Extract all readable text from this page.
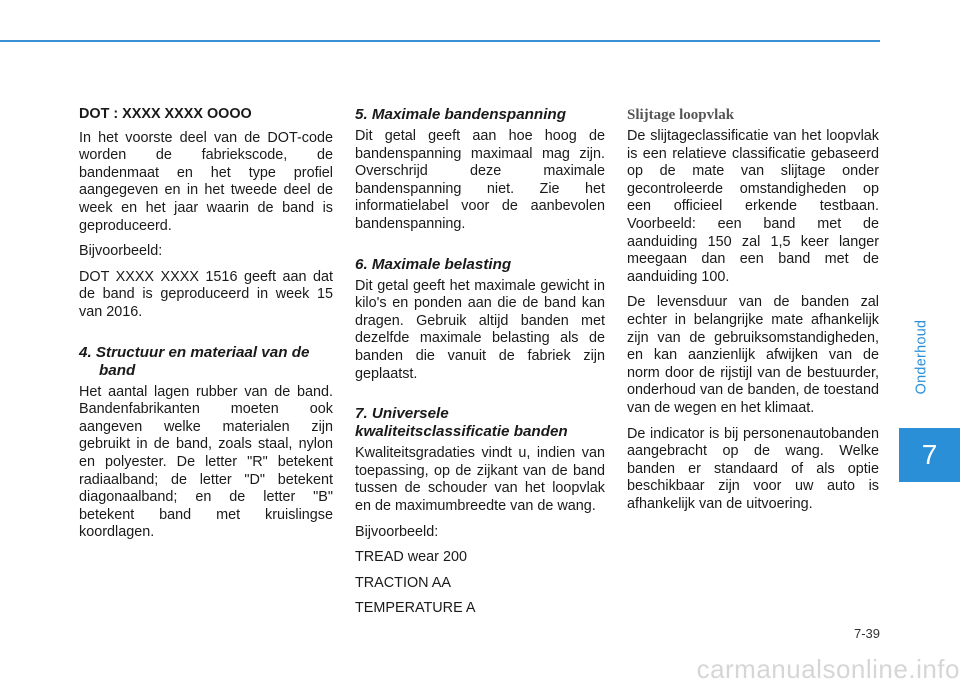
DOT : XXXX XXXX OOOO

In het voorste deel van de DOT-code worden de fabriekscode, de bandenmaat en het type profiel aangegeven en in het tweede deel de week en het jaar waarin de band is geproduceerd.

Bijvoorbeeld:

DOT XXXX XXXX 1516 geeft aan dat de band is geproduceerd in week 15 van 2016.

4. Structuur en materiaal van de band

Het aantal lagen rubber van de band. Bandenfabrikanten moeten ook aangeven welke materialen zijn gebruikt in de band, zoals staal, nylon en polyester. De letter "R" betekent radiaalband; de letter "D" betekent diagonaalband; en de letter "B" betekent band met kruislingse koordlagen.

5. Maximale bandenspanning

Dit getal geeft aan hoe hoog de bandenspanning maximaal mag zijn. Overschrijd deze maximale bandenspanning niet. Zie het informatielabel voor de aanbevolen bandenspanning.

6. Maximale belasting

Dit getal geeft het maximale gewicht in kilo's en ponden aan die de band kan dragen. Gebruik altijd banden met dezelfde maximale belasting als de banden die vanuit de fabriek zijn geplaatst.

7. Universele
kwaliteitsclassificatie banden

Kwaliteitsgradaties vindt u, indien van toepassing, op de zijkant van de band tussen de schouder van het loopvlak en de maximumbreedte van de wang.

Bijvoorbeeld:

TREAD wear 200

TRACTION AA

TEMPERATURE A

Slijtage loopvlak

De slijtageclassificatie van het loopvlak is een relatieve classificatie gebaseerd op de mate van slijtage onder gecontroleerde omstandigheden op een officieel erkende testbaan. Voorbeeld: een band met de aanduiding 150 zal 1,5 keer langer meegaan dan een band met de aanduiding 100.

De levensduur van de banden zal echter in belangrijke mate afhankelijk zijn van de gebruiksomstandigheden, en kan aanzienlijk afwijken van de norm door de rijstijl van de bestuurder, onderhoud van de banden, de toestand van de wegen en het klimaat.

De indicator is bij personenautobanden aangebracht op de wang. Welke banden er standaard of als optie beschikbaar zijn voor uw auto is afhankelijk van de uitvoering.

Onderhoud
7
7-39
carmanualsonline.info
